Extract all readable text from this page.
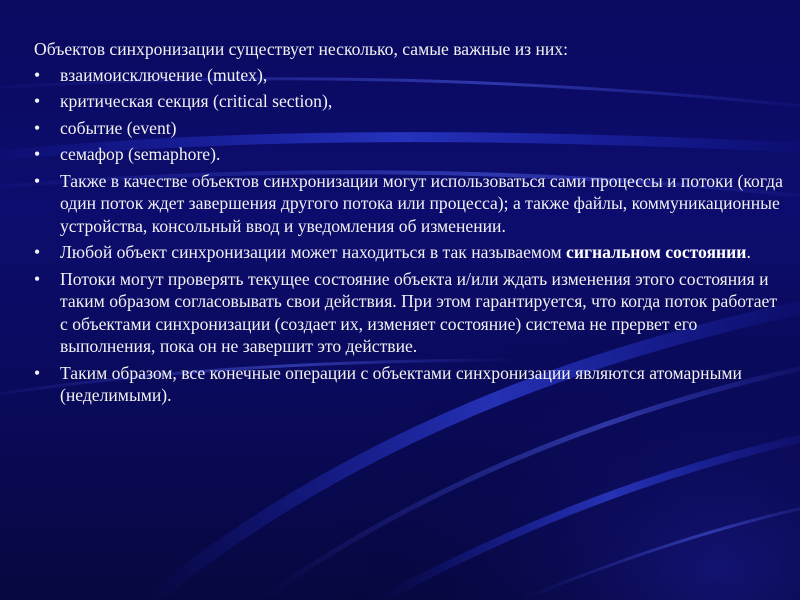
Объектов синхронизации существует несколько, самые важные из них:
• взаимоисключение (mutex),
• критическая секция (critical section),
• событие (event)
• семафор (semaphore).
• Также в качестве объектов синхронизации могут использоваться сами процессы и потоки (когда один поток ждет завершения другого потока или процесса); а также файлы, коммуникационные устройства, консольный ввод и уведомления об изменении.
• Любой объект синхронизации может находиться в так называемом сигнальном состоянии.
• Потоки могут проверять текущее состояние объекта и/или ждать изменения этого состояния и таким образом согласовывать свои действия. При этом гарантируется, что когда поток работает с объектами синхронизации (создает их, изменяет состояние) система не прервет его выполнения, пока он не завершит это действие.
• Таким образом, все конечные операции с объектами синхронизации являются атомарными (неделимыми).
